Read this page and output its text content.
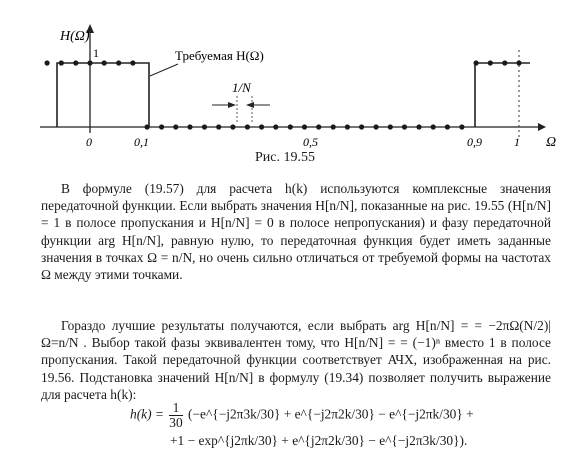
H(Ω)
1	Требуемая H(Ω)
1/N
0	0,1	0,5	0,9	1 Ω
Рис. 19.55
В формуле (19.57) для расчета h(k) используются комплексные значения передаточной функции. Если выбрать значения H[n/N], показанные на рис. 19.55 (H[n/N] = 1 в полосе пропускания и H[n/N] = 0 в полосе непропускания) и фазу передаточной функции arg H[n/N], равную нулю, то передаточная функция будет иметь заданные значения в точках Ω = n/N, но очень сильно отличаться от требуемой формы на частотах Ω между этими точками.
Гораздо лучшие результаты получаются, если выбрать arg H[n/N] = = −2πΩ(N/2)|Ω=n/N . Выбор такой фазы эквивалентен тому, что H[n/N] = = (−1)ⁿ вместо 1 в полосе пропускания. Такой передаточной функции соответствует АЧХ, изображенная на рис. 19.56. Подстановка значений H[n/N] в формулу (19.34) позволяет получить выражение для расчета h(k):
$h(k) = \frac{1}{30}$ (−e^{−j2π3k/30} + e^{−j2π2k/30} − e^{−j2πk/30} +
+1 − exp^{j2πk/30} + e^{j2π2k/30} − e^{−j2π3k/30}).
